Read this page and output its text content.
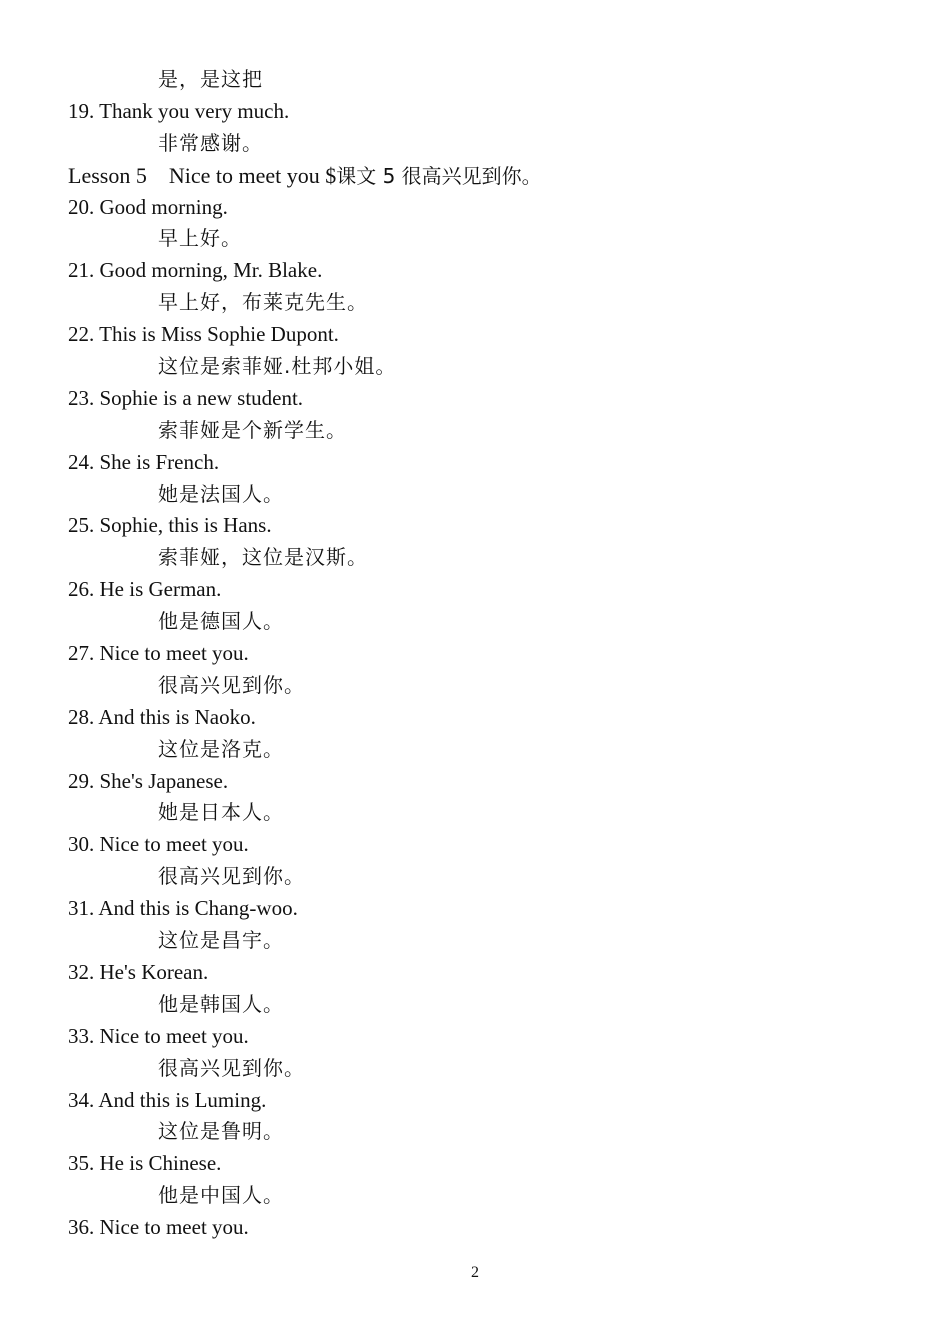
是，是这把
19. Thank you very much.
非常感谢。
Lesson 5    Nice to meet you $课文 5 很高兴见到你。
20. Good morning.
早上好。
21. Good morning, Mr. Blake.
早上好，布莱克先生。
22. This is Miss Sophie Dupont.
这位是索菲娅.杜邦小姐。
23. Sophie is a new student.
索菲娅是个新学生。
24. She is French.
她是法国人。
25. Sophie, this is Hans.
索菲娅，这位是汉斯。
26. He is German.
他是德国人。
27. Nice to meet you.
很高兴见到你。
28. And this is Naoko.
这位是洛克。
29. She's Japanese.
她是日本人。
30. Nice to meet you.
很高兴见到你。
31. And this is Chang-woo.
这位是昌宇。
32. He's Korean.
他是韩国人。
33. Nice to meet you.
很高兴见到你。
34. And this is Luming.
这位是鲁明。
35. He is Chinese.
他是中国人。
36. Nice to meet you.
2
